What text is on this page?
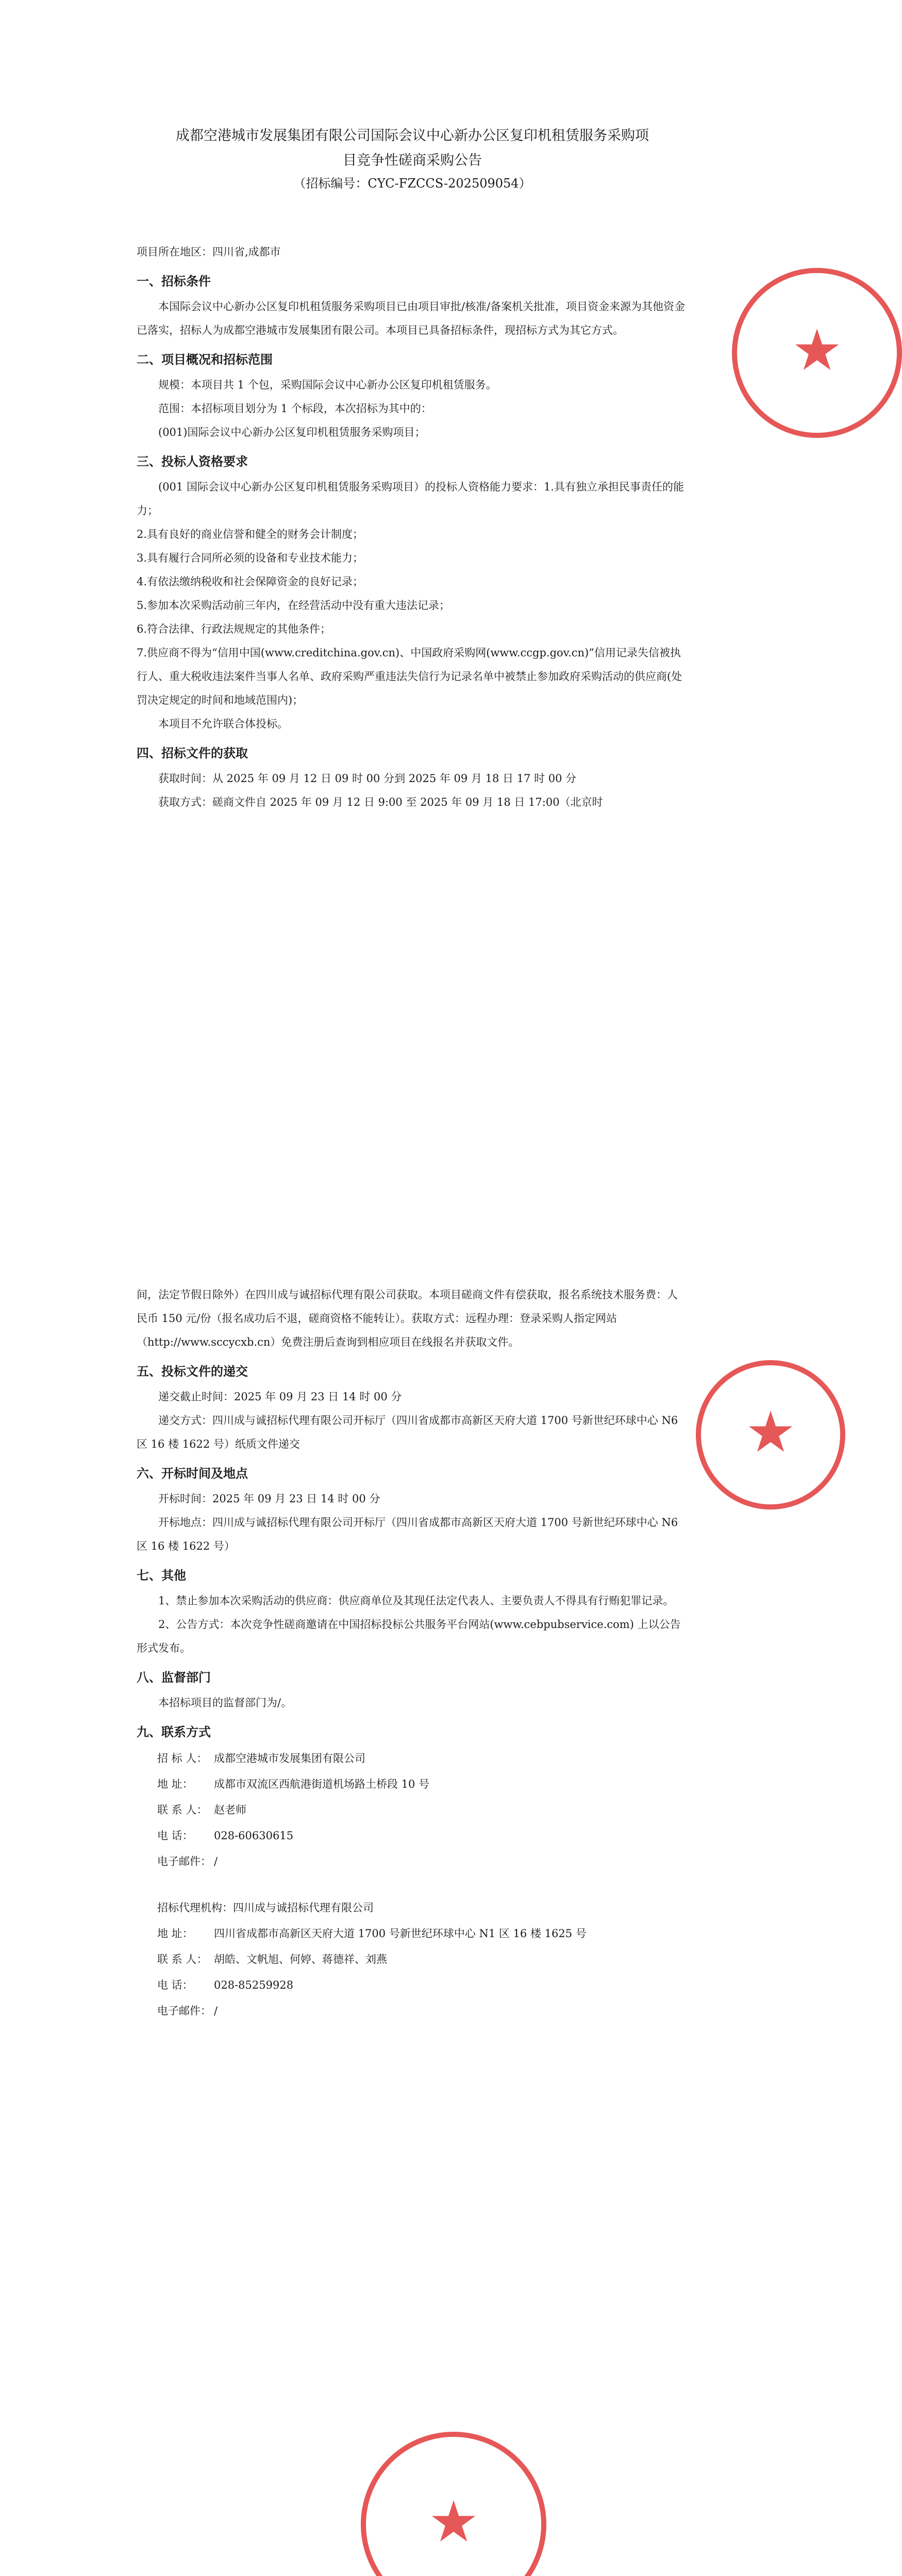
成都空港城市发展集团有限公司国际会议中心新办公区复印机租赁服务采购项

目竞争性磋商采购公告

（招标编号：CYC-FZCCS-202509054）

项目所在地区：四川省,成都市

一、招标条件

本国际会议中心新办公区复印机租赁服务采购项目已由项目审批/核准/备案机关批准，项目资金来源为其他资金已落实，招标人为成都空港城市发展集团有限公司。本项目已具备招标条件，现招标方式为其它方式。

二、项目概况和招标范围

规模：本项目共 1 个包，采购国际会议中心新办公区复印机租赁服务。

范围：本招标项目划分为 1 个标段，本次招标为其中的：

(001)国际会议中心新办公区复印机租赁服务采购项目；

三、投标人资格要求

(001 国际会议中心新办公区复印机租赁服务采购项目）的投标人资格能力要求：1.具有独立承担民事责任的能力；

2.具有良好的商业信誉和健全的财务会计制度；

3.具有履行合同所必须的设备和专业技术能力；

4.有依法缴纳税收和社会保障资金的良好记录；

5.参加本次采购活动前三年内，在经营活动中没有重大违法记录；

6.符合法律、行政法规规定的其他条件；

7.供应商不得为“信用中国(www.creditchina.gov.cn)、中国政府采购网(www.ccgp.gov.cn)”信用记录失信被执行人、重大税收违法案件当事人名单、政府采购严重违法失信行为记录名单中被禁止参加政府采购活动的供应商(处罚决定规定的时间和地域范围内)；

本项目不允许联合体投标。

四、招标文件的获取

获取时间：从 2025 年 09 月 12 日 09 时 00 分到 2025 年 09 月 18 日 17 时 00 分

获取方式：磋商文件自 2025 年 09 月 12 日 9:00 至 2025 年 09 月 18 日 17:00（北京时

★

间，法定节假日除外）在四川成与诚招标代理有限公司获取。本项目磋商文件有偿获取，报名系统技术服务费：人民币 150 元/份（报名成功后不退，磋商资格不能转让）。获取方式：远程办理：登录采购人指定网站（http://www.sccycxb.cn）免费注册后查询到相应项目在线报名并获取文件。

五、投标文件的递交

递交截止时间：2025 年 09 月 23 日 14 时 00 分

递交方式：四川成与诚招标代理有限公司开标厅（四川省成都市高新区天府大道 1700 号新世纪环球中心 N6 区 16 楼 1622 号）纸质文件递交

六、开标时间及地点

开标时间：2025 年 09 月 23 日 14 时 00 分

开标地点：四川成与诚招标代理有限公司开标厅（四川省成都市高新区天府大道 1700 号新世纪环球中心 N6 区 16 楼 1622 号）

七、其他

1、禁止参加本次采购活动的供应商：供应商单位及其现任法定代表人、主要负责人不得具有行贿犯罪记录。

2、公告方式：本次竞争性磋商邀请在中国招标投标公共服务平台网站(www.cebpubservice.com) 上以公告形式发布。

八、监督部门

本招标项目的监督部门为/。

九、联系方式

招 标 人： 成都空港城市发展集团有限公司

地 址： 成都市双流区西航港街道机场路土桥段 10 号

联 系 人： 赵老师

电 话： 028-60630615

电子邮件： /

招标代理机构：四川成与诚招标代理有限公司

地 址： 四川省成都市高新区天府大道 1700 号新世纪环球中心 N1 区 16 楼 1625 号

联 系 人： 胡皓、文帆旭、何婷、蒋德祥、刘燕

电 话： 028-85259928

电子邮件： /

★
★
